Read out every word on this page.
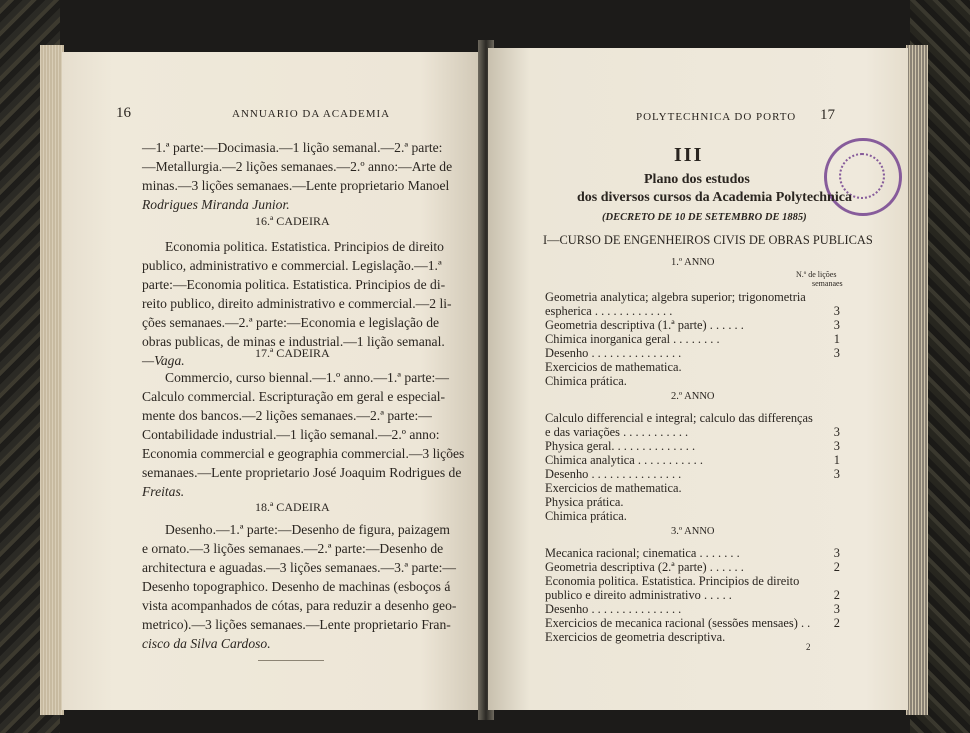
16	ANNUARIO DA ACADEMIA
—1.ª parte:—Docimasia.—1 lição semanal.—2.ª parte:
—Metallurgia.—2 lições semanaes.—2.º anno:—Arte de
minas.—3 lições semanaes.—Lente proprietario Manoel
Rodrigues Miranda Junior.
16.ª CADEIRA
Economia politica. Estatistica. Principios de direito
publico, administrativo e commercial. Legislação.—1.ª
parte:—Economia politica. Estatistica. Principios de di-
reito publico, direito administrativo e commercial.—2 li-
ções semanaes.—2.ª parte:—Economia e legislação de
obras publicas, de minas e industrial.—1 lição semanal.
—Vaga.	17.ª CADEIRA
Commercio, curso biennal.—1.º anno.—1.ª parte:—
Calculo commercial. Escripturação em geral e especial-
mente dos bancos.—2 lições semanaes.—2.ª parte:—
Contabilidade industrial.—1 lição semanal.—2.º anno:
Economia commercial e geographia commercial.—3 lições
semanaes.—Lente proprietario José Joaquim Rodrigues de
Freitas.
18.ª CADEIRA
Desenho.—1.ª parte:—Desenho de figura, paizagem
e ornato.—3 lições semanaes.—2.ª parte:—Desenho de
architectura e aguadas.—3 lições semanaes.—3.ª parte:—
Desenho topographico. Desenho de machinas (esboços á
vista acompanhados de cótas, para reduzir a desenho geo-
metrico).—3 lições semanaes.—Lente proprietario Fran-
cisco da Silva Cardoso.
POLYTECHNICA DO PORTO 17
III
Plano dos estudos
dos diversos cursos da Academia Polytechnica
(DECRETO DE 10 DE SETEMBRO DE 1885)
I—CURSO DE ENGENHEIROS CIVIS DE OBRAS PUBLICAS
1.º ANNO
N.º de lições
semanaes
Geometria analytica; algebra superior; trigonometria
espherica . . . . . . . . . . . . .	3
Geometria descriptiva (1.ª parte) . . . . . .	3
Chimica inorganica geral . . . . . . . .	1
Desenho . . . . . . . . . . . . . . .	3
Exercicios de mathematica.
Chimica prática.
2.º ANNO
Calculo differencial e integral; calculo das differenças
e das variações . . . . . . . . . . .	3
Physica geral. . . . . . . . . . . . . .	3
Chimica analytica . . . . . . . . . . .	1
Desenho . . . . . . . . . . . . . . .	3
Exercicios de mathematica.
Physica prática.
Chimica prática.
3.º ANNO
Mecanica racional; cinematica . . . . . . .	3
Geometria descriptiva (2.ª parte) . . . . . .	2
Economia politica. Estatistica. Principios de direito
publico e direito administrativo . . . . .	2
Desenho . . . . . . . . . . . . . . .	3
Exercicios de mecanica racional (sessões mensaes) . . 2
Exercicios de geometria descriptiva.
2
